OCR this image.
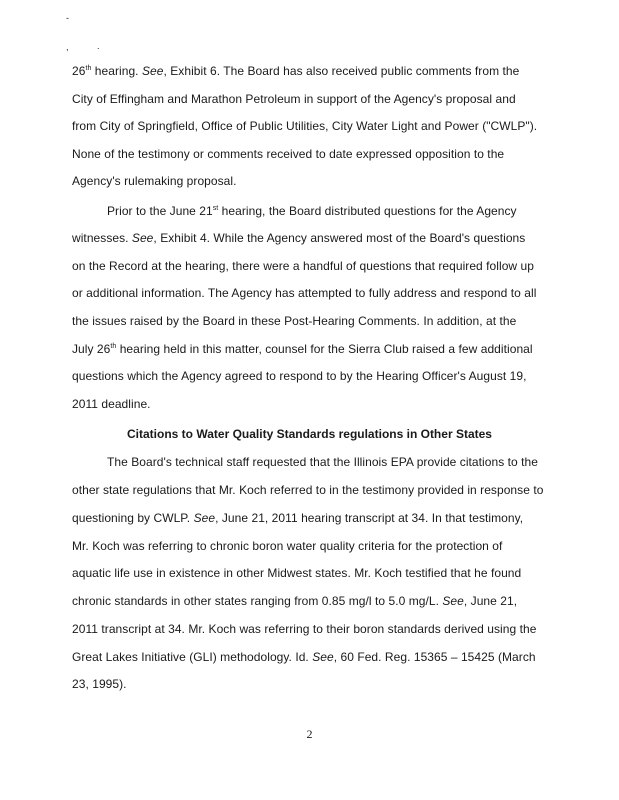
-
,	.
26th hearing. See, Exhibit 6. The Board has also received public comments from the
City of Effingham and Marathon Petroleum in support of the Agency's proposal and
from City of Springfield, Office of Public Utilities, City Water Light and Power ("CWLP").
None of the testimony or comments received to date expressed opposition to the
Agency's rulemaking proposal.
Prior to the June 21st hearing, the Board distributed questions for the Agency
witnesses. See, Exhibit 4. While the Agency answered most of the Board's questions
on the Record at the hearing, there were a handful of questions that required follow up
or additional information. The Agency has attempted to fully address and respond to all
the issues raised by the Board in these Post-Hearing Comments. In addition, at the
July 26th hearing held in this matter, counsel for the Sierra Club raised a few additional
questions which the Agency agreed to respond to by the Hearing Officer's August 19,
2011 deadline.
Citations to Water Quality Standards regulations in Other States
The Board's technical staff requested that the Illinois EPA provide citations to the
other state regulations that Mr. Koch referred to in the testimony provided in response to
questioning by CWLP. See, June 21, 2011 hearing transcript at 34. In that testimony,
Mr. Koch was referring to chronic boron water quality criteria for the protection of
aquatic life use in existence in other Midwest states. Mr. Koch testified that he found
chronic standards in other states ranging from 0.85 mg/l to 5.0 mg/L. See, June 21,
2011 transcript at 34. Mr. Koch was referring to their boron standards derived using the
Great Lakes Initiative (GLI) methodology. Id. See, 60 Fed. Reg. 15365 – 15425 (March
23, 1995).
2
